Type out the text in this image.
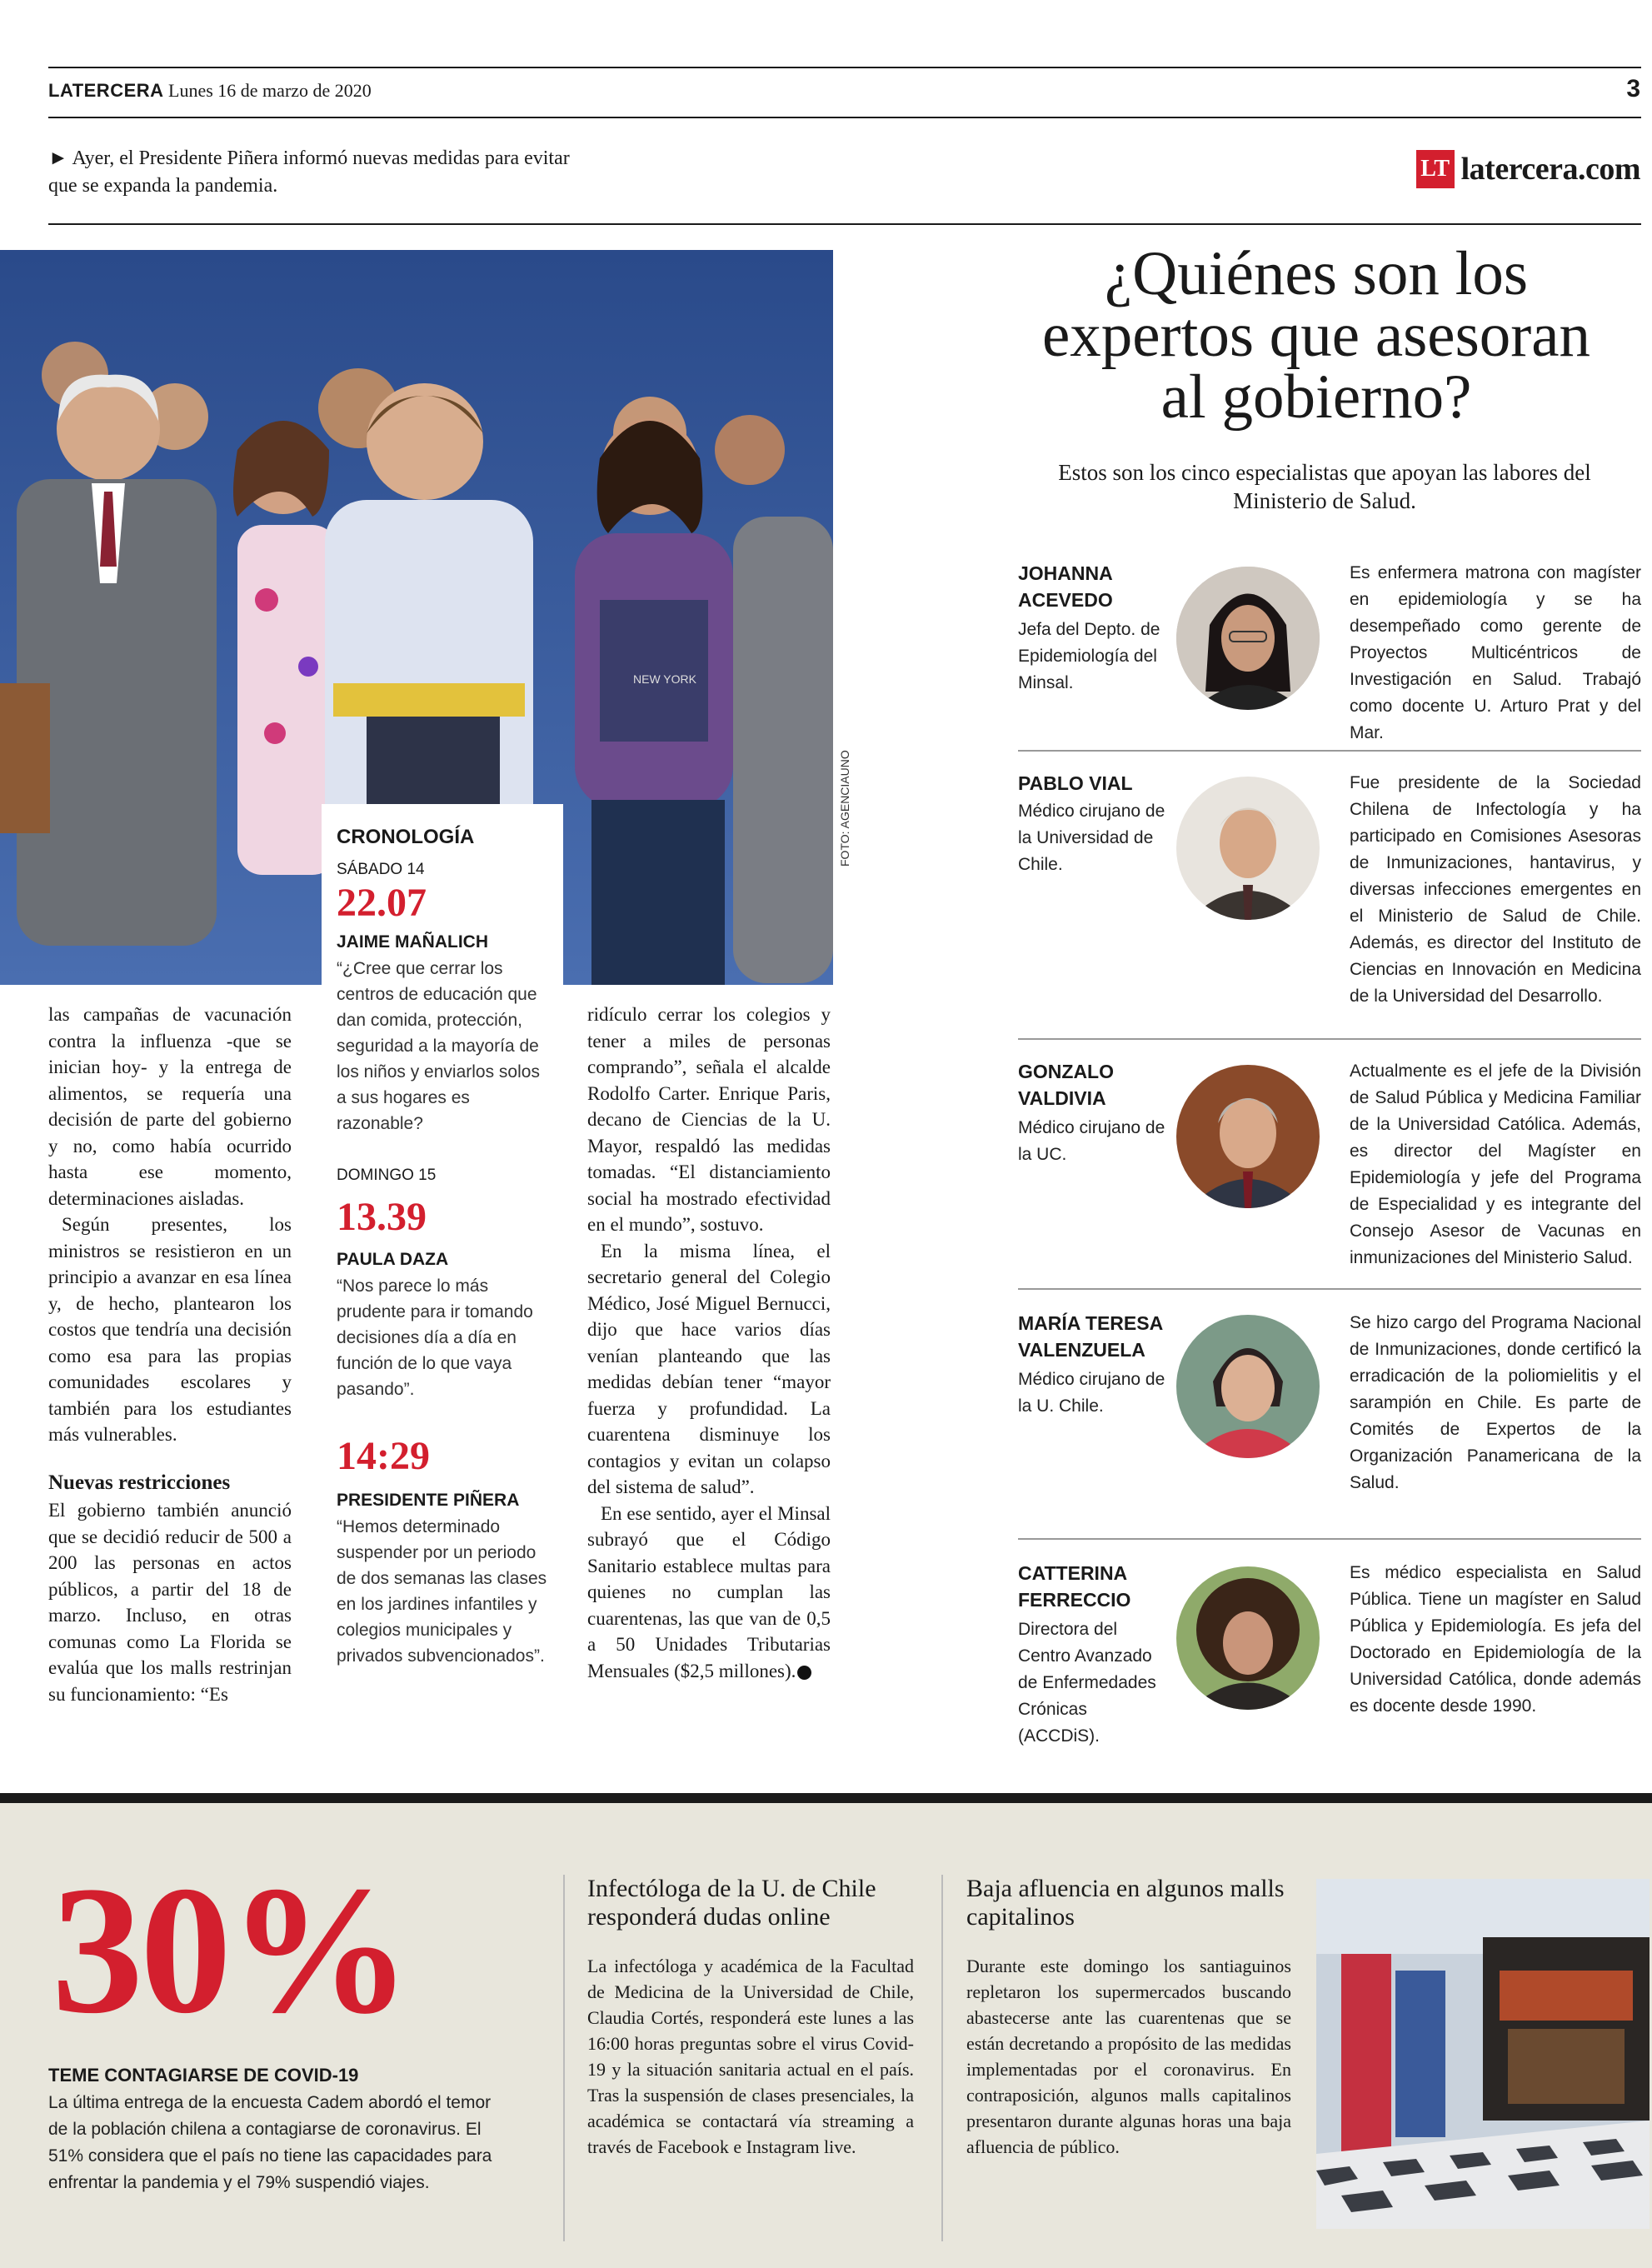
LATERCERA Lunes 16 de marzo de 2020	3
► Ayer, el Presidente Piñera informó nuevas medidas para evitar que se expanda la pandemia.
LT latercera.com
NEW YORK
FOTO: AGENCIAUNO
CRONOLOGÍA
SÁBADO 14
22.07
JAIME MAÑALICH
“¿Cree que cerrar los centros de educación que dan comida, protección, seguridad a la mayoría de los niños y enviarlos solos a sus hogares es razonable?
DOMINGO 15
13.39
PAULA DAZA
“Nos parece lo más prudente para ir tomando decisiones día a día en función de lo que vaya pasando”.
14:29
PRESIDENTE PIÑERA
“Hemos determinado suspender por un periodo de dos semanas las clases en los jardines infantiles y colegios municipales y privados subvencionados”.

las campañas de vacunación contra la influenza -que se inician hoy- y la entrega de alimentos, se requería una decisión de parte del gobierno y no, como había ocurrido hasta ese momento, determinaciones aisladas.

Según presentes, los ministros se resistieron en un principio a avanzar en esa línea y, de hecho, plantearon los costos que tendría una decisión como esa para las propias comunidades escolares y también para los estudiantes más vulnerables.

Nuevas restricciones

El gobierno también anunció que se decidió reducir de 500 a 200 las personas en actos públicos, a partir del 18 de marzo. Incluso, en otras comunas como La Florida se evalúa que los malls restrinjan su funcionamiento: “Es

ridículo cerrar los colegios y tener a miles de personas comprando”, señala el alcalde Rodolfo Carter. Enrique Paris, decano de Ciencias de la U. Mayor, respaldó las medidas tomadas. “El distanciamiento social ha mostrado efectividad en el mundo”, sostuvo.

En la misma línea, el secretario general del Colegio Médico, José Miguel Bernucci, dijo que hace varios días venían planteando que las medidas debían tener “mayor fuerza y profundidad. La cuarentena disminuye los contagios y evitan un colapso del sistema de salud”.

En ese sentido, ayer el Minsal subrayó que el Código Sanitario establece multas para quienes no cumplan las cuarentenas, las que van de 0,5 a 50 Unidades Tributarias Mensuales ($2,5 millones).

¿Quiénes son los expertos que asesoran al gobierno?
Estos son los cinco especialistas que apoyan las labores del Ministerio de Salud.
JOHANNA ACEVEDO
Jefa del Depto. de Epidemiología del Minsal.
Es enfermera matrona con magíster en epidemiología y se ha desempeñado como gerente de Proyectos Multicéntricos de Investigación en Salud. Trabajó como docente U. Arturo Prat y del Mar.
PABLO VIAL
Médico cirujano de la Universidad de Chile.
Fue presidente de la Sociedad Chilena de Infectología y ha participado en Comisiones Asesoras de Inmunizaciones, hantavirus, y diversas infecciones emergentes en el Ministerio de Salud de Chile. Además, es director del Instituto de Ciencias en Innovación en Medicina de la Universidad del Desarrollo.
GONZALO VALDIVIA
Médico cirujano de la UC.
Actualmente es el jefe de la División de Salud Pública y Medicina Familiar de la Universidad Católica. Además, es director del Magíster en Epidemiología y jefe del Programa de Especialidad y es integrante del Consejo Asesor de Vacunas en inmunizaciones del Ministerio Salud.
MARÍA TERESA VALENZUELA
Médico cirujano de la U. Chile.
Se hizo cargo del Programa Nacional de Inmunizaciones, donde certificó la erradicación de la poliomielitis y el sarampión en Chile. Es parte de Comités de Expertos de la Organización Panamericana de la Salud.
CATTERINA FERRECCIO
Directora del Centro Avanzado de Enfermedades Crónicas (ACCDiS).
Es médico especialista en Salud Pública. Tiene un magíster en Salud Pública y Epidemiología. Es jefa del Doctorado en Epidemiología de la Universidad Católica, donde además es docente desde 1990.
30%
TEME CONTAGIARSE DE COVID-19
La última entrega de la encuesta Cadem abordó el temor de la población chilena a contagiarse de coronavirus. El 51% considera que el país no tiene las capacidades para enfrentar la pandemia y el 79% suspendió viajes.
Infectóloga de la U. de Chile responderá dudas online
La infectóloga y académica de la Facultad de Medicina de la Universidad de Chile, Claudia Cortés, responderá este lunes a las 16:00 horas preguntas sobre el virus Covid-19 y la situación sanitaria actual en el país. Tras la suspensión de clases presenciales, la académica se contactará vía streaming a través de Facebook e Instagram live.
Baja afluencia en algunos malls capitalinos
Durante este domingo los santiaguinos repletaron los supermercados buscando abastecerse ante las cuarentenas que se están decretando a propósito de las medidas implementadas por el coronavirus. En contraposición, algunos malls capitalinos presentaron durante algunas horas una baja afluencia de público.
